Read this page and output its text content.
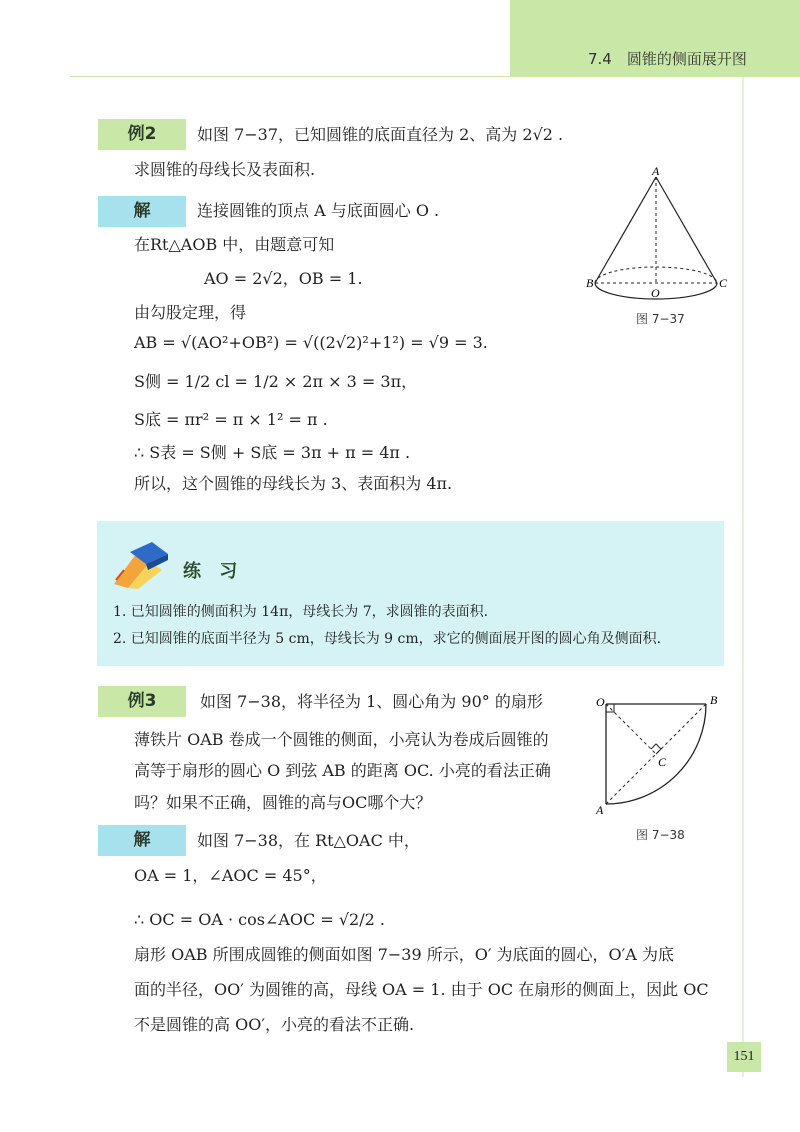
7.4　圆锥的侧面展开图
例2	如图 7−37，已知圆锥的底面直径为 2、高为 2√2 .
求圆锥的母线长及表面积.
解	连接圆锥的顶点 A 与底面圆心 O .
在Rt△AOB 中，由题意可知
AO = 2√2，OB = 1.
由勾股定理，得
AB = √(AO²+OB²) = √((2√2)²+1²) = √9 = 3.
S侧 = 1/2 cl = 1/2 × 2π × 3 = 3π，
S底 = πr² = π × 1² = π .
∴ S表 = S侧 + S底 = 3π + π = 4π .
所以，这个圆锥的母线长为 3、表面积为 4π.
A
B	C
O
图 7−37
练 习
1. 已知圆锥的侧面积为 14π，母线长为 7，求圆锥的表面积.
2. 已知圆锥的底面半径为 5 cm，母线长为 9 cm，求它的侧面展开图的圆心角及侧面积.
例3	如图 7−38，将半径为 1、圆心角为 90° 的扇形
薄铁片 OAB 卷成一个圆锥的侧面，小亮认为卷成后圆锥的
高等于扇形的圆心 O 到弦 AB 的距离 OC. 小亮的看法正确
吗？如果不正确，圆锥的高与OC哪个大？
解	如图 7−38，在 Rt△OAC 中，
OA = 1，∠AOC = 45°，
∴ OC = OA · cos∠AOC = √2/2 .
扇形 OAB 所围成圆锥的侧面如图 7−39 所示，O′ 为底面的圆心，O′A 为底
面的半径，OO′ 为圆锥的高，母线 OA = 1. 由于 OC 在扇形的侧面上，因此 OC
不是圆锥的高 OO′，小亮的看法不正确.
O
A
B
C
图 7−38
151
